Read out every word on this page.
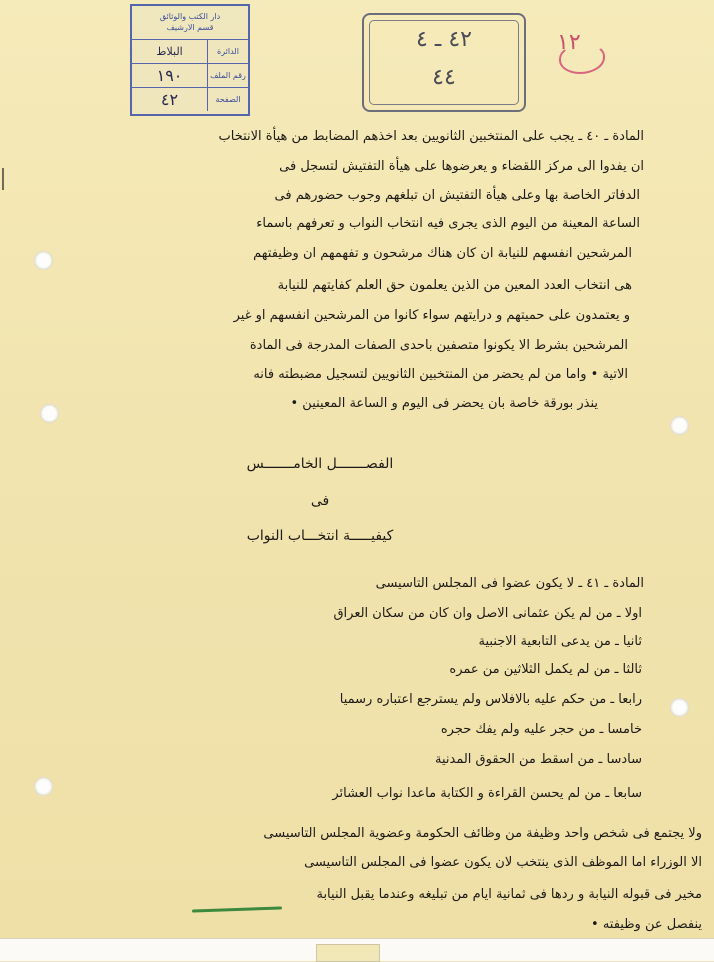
دار الكتب والوثائق
قسم الارشيف
الدائرة
البلاط
رقم الملف
١٩٠
الصفحة
٤٢
٤٢ ـ ٤
٤٤
١٢
المادة ـ ٤٠ ـ يجب على المنتخبين الثانويين بعد اخذهم المضابط من هيأة الانتخاب
ان يفدوا الى مركز اللقضاء و يعرضوها على هيأة التفتيش لتسجل فى
الدفاتر الخاصة بها وعلى هيأة التفتيش ان تبلغهم وجوب حضورهم فى
الساعة المعينة من اليوم الذى يجرى فيه انتخاب النواب و تعرفهم باسماء
المرشحين انفسهم للنيابة ان كان هناك مرشحون و تفهمهم ان وظيفتهم
هى انتخاب العدد المعين من الذين يعلمون حق العلم كفايتهم للنيابة
و يعتمدون على حميتهم و درايتهم سواء كانوا من المرشحين انفسهم او غير
المرشحين بشرط الا يكونوا متصفين باحدى الصفات المدرجة فى المادة
الاتية • واما من لم يحضر من المنتخبين الثانويين لتسجيل مضبطته فانه
ينذر بورقة خاصة بان يحضر فى اليوم و الساعة المعينين •
الفصـــــــل الخامـــــــس
فى
كيفيـــــة انتخـــاب النواب
المادة ـ ٤١ ـ لا يكون عضوا فى المجلس التاسيسى
اولا ـ من لم يكن عثمانى الاصل وان كان من سكان العراق
ثانيا ـ من يدعى التابعية الاجنبية
ثالثا ـ من لم يكمل الثلاثين من عمره
رابعا ـ من حكم عليه بالافلاس ولم يسترجع اعتباره رسميا
خامسا ـ من حجر عليه ولم يفك حجره
سادسا ـ من اسقط من الحقوق المدنية
سابعا ـ من لم يحسن القراءة و الكتابة ماعدا نواب العشائر
ولا يجتمع فى شخص واحد وظيفة من وظائف الحكومة وعضوية المجلس التاسيسى
الا الوزراء اما الموظف الذى ينتخب لان يكون عضوا فى المجلس التاسيسى
مخير فى قبوله النيابة و ردها فى ثمانية ايام من تبليغه وعندما يقبل النيابة
ينفصل عن وظيفته •
